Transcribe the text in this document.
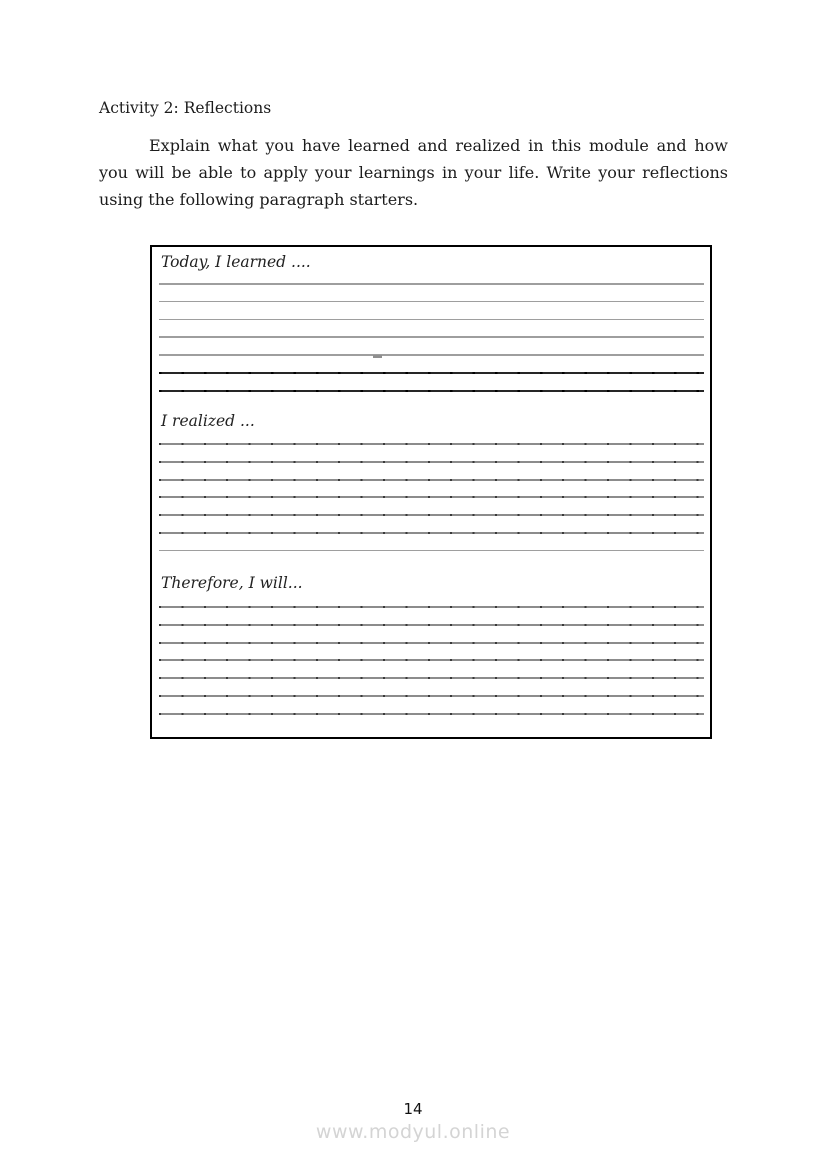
Activity 2: Reflections
Explain what you have learned and realized in this module and how you will be able to apply your learnings in your life. Write your reflections using the following paragraph starters.
Today, I learned ....
I realized ...
Therefore, I will...
14
www.modyul.online
